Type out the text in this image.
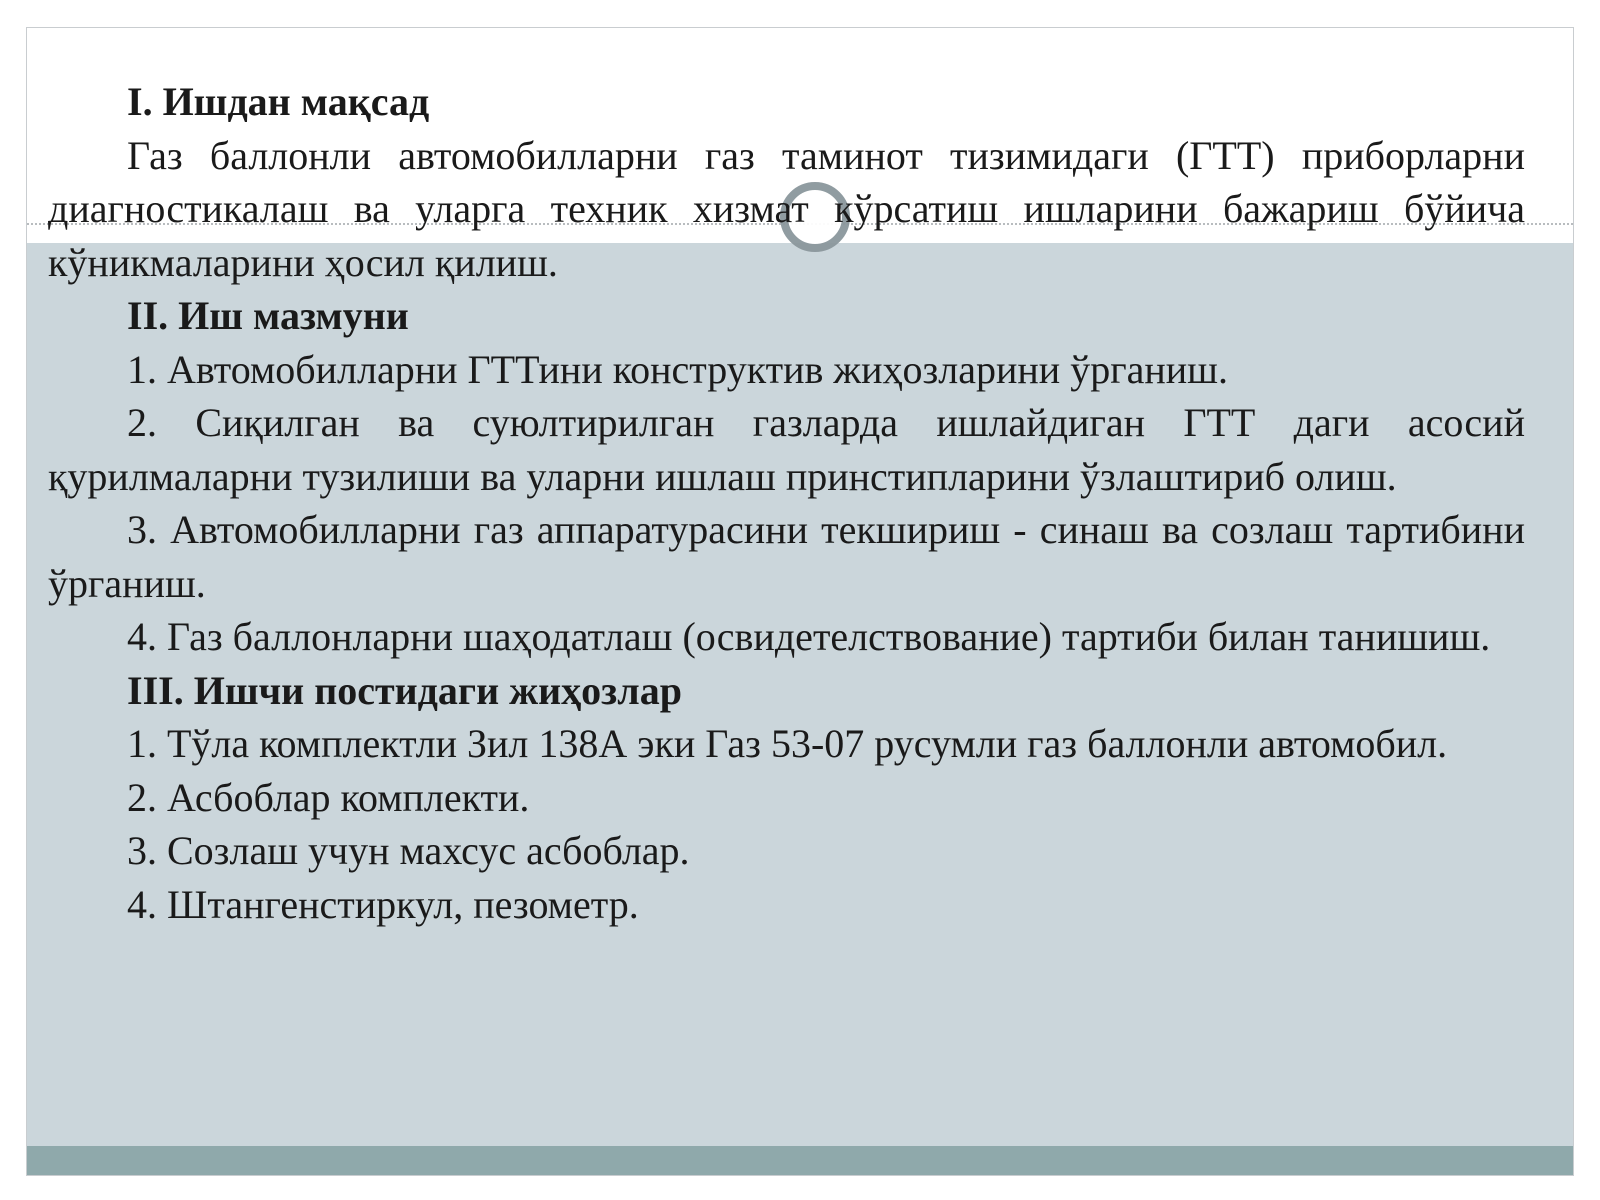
I. Ишдан мақсад

Газ баллонли автомобилларни газ таминот тизимидаги (ГТТ) приборларни диагностикалаш ва уларга техник хизмат кўрсатиш ишларини бажариш бўйича кўникмаларини ҳосил қилиш.

II. Иш мазмуни

1. Автомобилларни ГТТини конструктив жиҳозларини ўрганиш.

2. Сиқилган ва суюлтирилган газларда ишлайдиган ГТТ даги асосий қурилмаларни тузилиши ва уларни ишлаш принстипларини ўзлаштириб олиш.

3. Автомобилларни газ аппаратурасини текшириш - синаш ва созлаш тартибини ўрганиш.

4. Газ баллонларни шаҳодатлаш (освидетелствование) тартиби билан танишиш.

III. Ишчи постидаги жиҳозлар

1. Тўла комплектли Зил 138А эки Газ 53-07 русумли газ баллонли автомобил.

2. Асбоблар комплекти.

3. Созлаш учун махсус асбоблар.

4. Штангенстиркул, пезометр.
